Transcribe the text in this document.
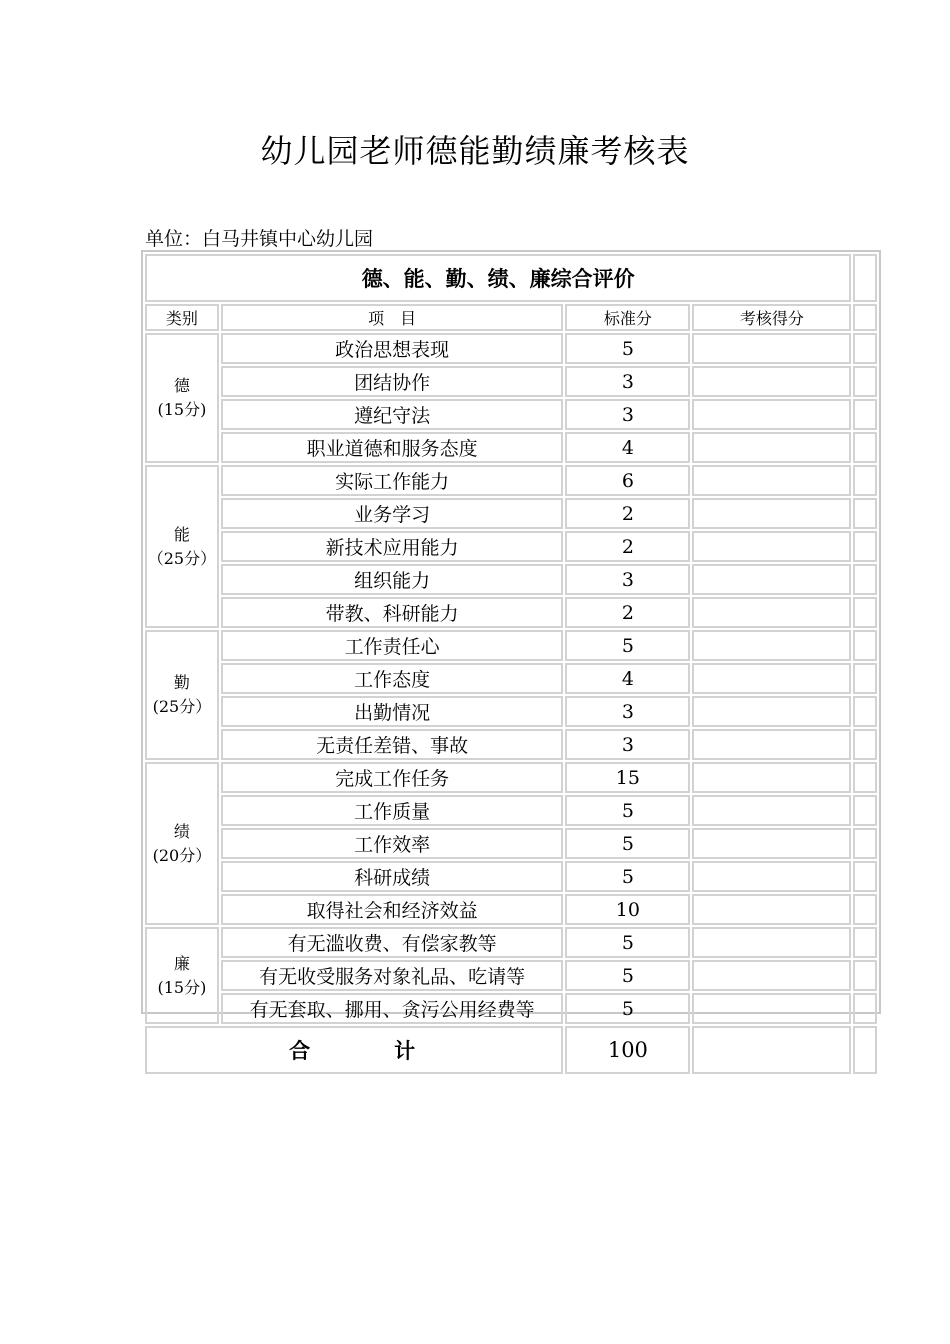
幼儿园老师德能勤绩廉考核表
单位：白马井镇中心幼儿园
德、能、勤、绩、廉综合评价				
类别	项　目	标准分	考核得分	

德
(15分)	政治思想表现	5		
	团结协作	3		
	遵纪守法	3		
	职业道德和服务态度	4		

能
（25分）	实际工作能力	6		
	业务学习	2		
	新技术应用能力	2		
	组织能力	3		
	带教、科研能力	2		

勤
(25分）	工作责任心	5		
	工作态度	4		
	出勤情况	3		
	无责任差错、事故	3		

绩
(20分）	完成工作任务	15		
	工作质量	5		
	工作效率	5		
	科研成绩	5		
	取得社会和经济效益	10		

廉
(15分)	有无滥收费、有偿家教等	5		
	有无收受服务对象礼品、吃请等	5		
	有无套取、挪用、贪污公用经费等	5		
合 计		100		
